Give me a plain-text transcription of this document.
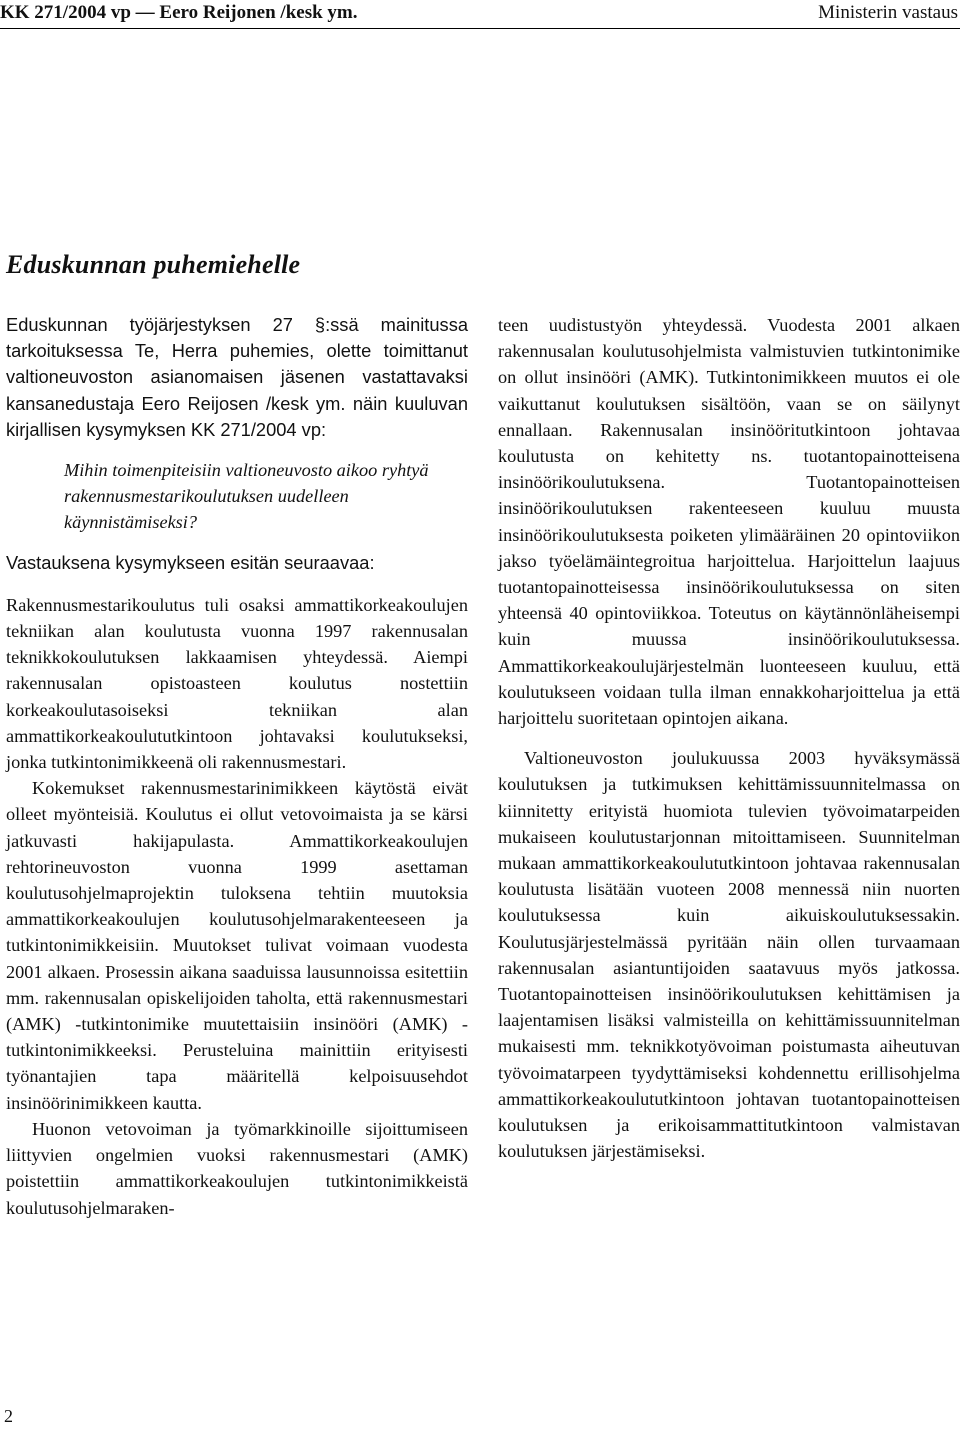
KK 271/2004 vp — Eero Reijonen /kesk ym.	Ministerin vastaus
Eduskunnan puhemiehelle

Eduskunnan työjärjestyksen 27 §:ssä mainitussa tarkoituksessa Te, Herra puhemies, olette toimittanut valtioneuvoston asianomaisen jäsenen vastattavaksi kansanedustaja Eero Reijosen /kesk ym. näin kuuluvan kirjallisen kysymyksen KK 271/2004 vp:

Mihin toimenpiteisiin valtioneuvosto aikoo ryhtyä rakennusmestarikoulutuksen uudelleen käynnistämiseksi?

Vastauksena kysymykseen esitän seuraavaa:

Rakennusmestarikoulutus tuli osaksi ammattikorkeakoulujen tekniikan alan koulutusta vuonna 1997 rakennusalan teknikkokoulutuksen lakkaamisen yhteydessä. Aiempi rakennusalan opistoasteen koulutus nostettiin korkeakoulutasoiseksi tekniikan alan ammattikorkeakoulututkintoon johtavaksi koulutukseksi, jonka tutkintonimikkeenä oli rakennusmestari.

Kokemukset rakennusmestarinimikkeen käytöstä eivät olleet myönteisiä. Koulutus ei ollut vetovoimaista ja se kärsi jatkuvasti hakijapulasta. Ammattikorkeakoulujen rehtorineuvoston vuonna 1999 asettaman koulutusohjelmaprojektin tuloksena tehtiin muutoksia ammattikorkeakoulujen koulutusohjelmarakenteeseen ja tutkintonimikkeisiin. Muutokset tulivat voimaan vuodesta 2001 alkaen. Prosessin aikana saaduissa lausunnoissa esitettiin mm. rakennusalan opiskelijoiden taholta, että rakennusmestari (AMK) -tutkintonimike muutettaisiin insinööri (AMK) -tutkintonimikkeeksi. Perusteluina mainittiin erityisesti työnantajien tapa määritellä kelpoisuusehdot insinöörinimikkeen kautta.

Huonon vetovoiman ja työmarkkinoille sijoittumiseen liittyvien ongelmien vuoksi rakennusmestari (AMK) poistettiin ammattikorkeakoulujen tutkintonimikkeistä koulutusohjelmaraken-

teen uudistustyön yhteydessä. Vuodesta 2001 alkaen rakennusalan koulutusohjelmista valmistuvien tutkintonimike on ollut insinööri (AMK). Tutkintonimikkeen muutos ei ole vaikuttanut koulutuksen sisältöön, vaan se on säilynyt ennallaan. Rakennusalan insinööritutkintoon johtavaa koulutusta on kehitetty ns. tuotantopainotteisena insinöörikoulutuksena. Tuotantopainotteisen insinöörikoulutuksen rakenteeseen kuuluu muusta insinöörikoulutuksesta poiketen ylimääräinen 20 opintoviikon jakso työelämäintegroitua harjoittelua. Harjoittelun laajuus tuotantopainotteisessa insinöörikoulutuksessa on siten yhteensä 40 opintoviikkoa. Toteutus on käytännönläheisempi kuin muussa insinöörikoulutuksessa. Ammattikorkeakoulujärjestelmän luonteeseen kuuluu, että koulutukseen voidaan tulla ilman ennakkoharjoittelua ja että harjoittelu suoritetaan opintojen aikana.

Valtioneuvoston joulukuussa 2003 hyväksymässä koulutuksen ja tutkimuksen kehittämissuunnitelmassa on kiinnitetty erityistä huomiota tulevien työvoimatarpeiden mukaiseen koulutustarjonnan mitoittamiseen. Suunnitelman mukaan ammattikorkeakoulututkintoon johtavaa rakennusalan koulutusta lisätään vuoteen 2008 mennessä niin nuorten koulutuksessa kuin aikuiskoulutuksessakin. Koulutusjärjestelmässä pyritään näin ollen turvaamaan rakennusalan asiantuntijoiden saatavuus myös jatkossa. Tuotantopainotteisen insinöörikoulutuksen kehittämisen ja laajentamisen lisäksi valmisteilla on kehittämissuunnitelman mukaisesti mm. teknikkotyövoiman poistumasta aiheutuvan työvoimatarpeen tyydyttämiseksi kohdennettu erillisohjelma ammattikorkeakoulututkintoon johtavan tuotantopainotteisen koulutuksen ja erikoisammattitutkintoon valmistavan koulutuksen järjestämiseksi.

2
